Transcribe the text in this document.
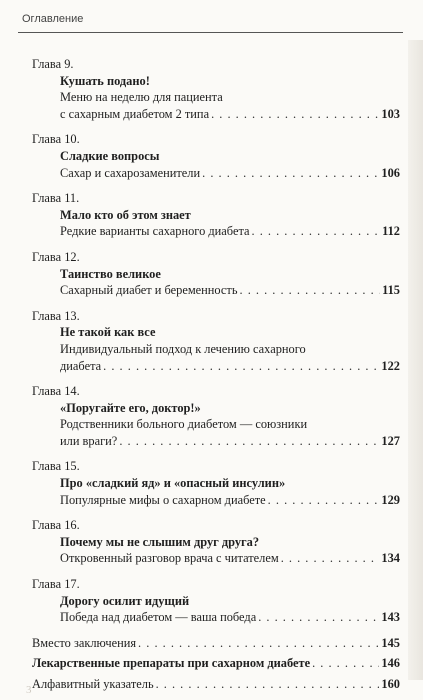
Оглавление
Глава 9.
Кушать подано!
Меню на неделю для пациента
с сахарным диабетом 2 типа . . .	103
Глава 10.
Сладкие вопросы
Сахар и сахарозаменители . . .	106
Глава 11.
Мало кто об этом знает
Редкие варианты сахарного диабета . . .	112
Глава 12.
Таинство великое
Сахарный диабет и беременность . . .	115
Глава 13.
Не такой как все
Индивидуальный подход к лечению сахарного
диабета . . .	122
Глава 14.
«Поругайте его, доктор!»
Родственники больного диабетом — союзники
или враги? . . .	127
Глава 15.
Про «сладкий яд» и «опасный инсулин»
Популярные мифы о сахарном диабете . . .	129
Глава 16.
Почему мы не слышим друг друга?
Откровенный разговор врача с читателем . . .	134
Глава 17.
Дорогу осилит идущий
Победа над диабетом — ваша победа . . .	143
Вместо заключения . . .	145
Лекарственные препараты при сахарном диабете . . .	146
Алфавитный указатель . . .	160
3
